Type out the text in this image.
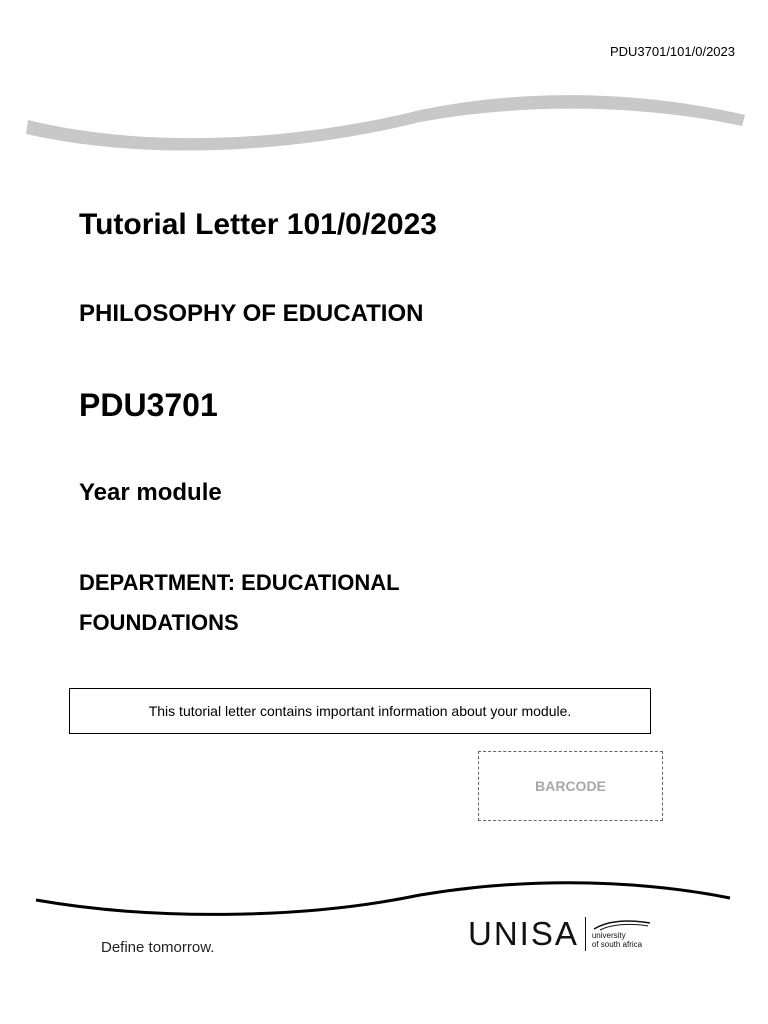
PDU3701/101/0/2023
Tutorial Letter 101/0/2023
PHILOSOPHY OF EDUCATION
PDU3701
Year module
DEPARTMENT: EDUCATIONAL
FOUNDATIONS
This tutorial letter contains important information about your module.
BARCODE
Define tomorrow.	UNISA university
of south africa
